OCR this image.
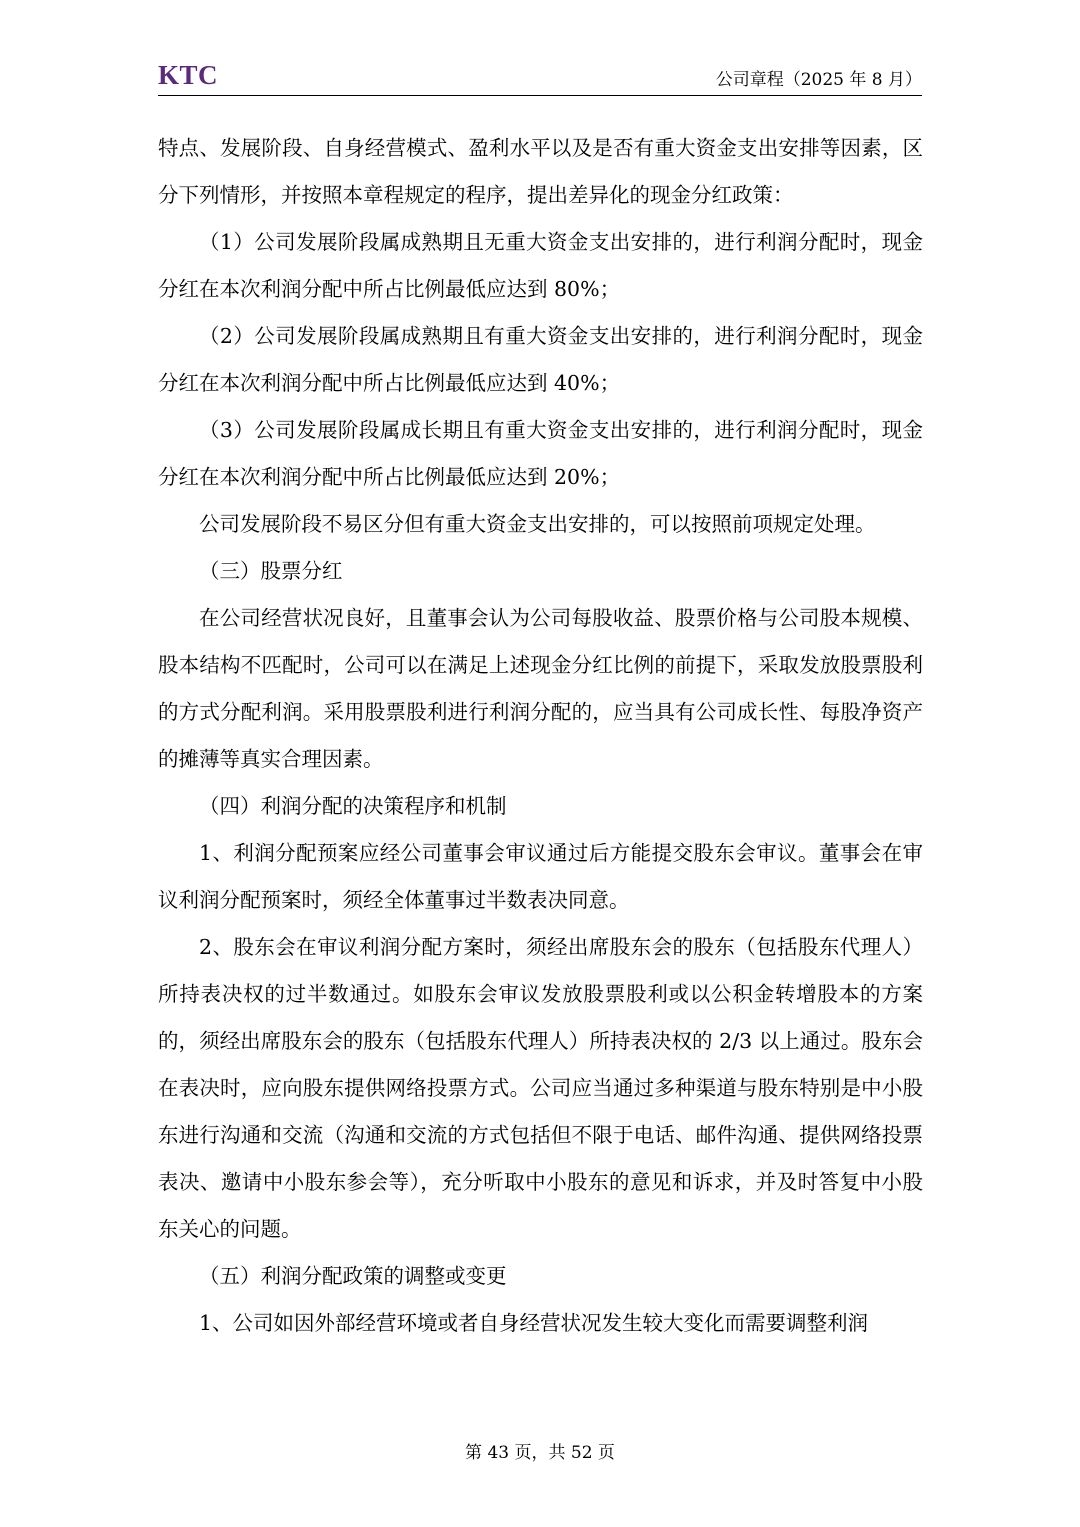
KTC	公司章程（2025 年 8 月）

特点、发展阶段、自身经营模式、盈利水平以及是否有重大资金支出安排等因素，区分下列情形，并按照本章程规定的程序，提出差异化的现金分红政策：

（1）公司发展阶段属成熟期且无重大资金支出安排的，进行利润分配时，现金分红在本次利润分配中所占比例最低应达到 80%；

（2）公司发展阶段属成熟期且有重大资金支出安排的，进行利润分配时，现金分红在本次利润分配中所占比例最低应达到 40%；

（3）公司发展阶段属成长期且有重大资金支出安排的，进行利润分配时，现金分红在本次利润分配中所占比例最低应达到 20%；

公司发展阶段不易区分但有重大资金支出安排的，可以按照前项规定处理。

（三）股票分红

在公司经营状况良好，且董事会认为公司每股收益、股票价格与公司股本规模、股本结构不匹配时，公司可以在满足上述现金分红比例的前提下，采取发放股票股利的方式分配利润。采用股票股利进行利润分配的，应当具有公司成长性、每股净资产的摊薄等真实合理因素。

（四）利润分配的决策程序和机制

1、利润分配预案应经公司董事会审议通过后方能提交股东会审议。董事会在审议利润分配预案时，须经全体董事过半数表决同意。

2、股东会在审议利润分配方案时，须经出席股东会的股东（包括股东代理人）所持表决权的过半数通过。如股东会审议发放股票股利或以公积金转增股本的方案的，须经出席股东会的股东（包括股东代理人）所持表决权的 2/3 以上通过。股东会在表决时，应向股东提供网络投票方式。公司应当通过多种渠道与股东特别是中小股东进行沟通和交流（沟通和交流的方式包括但不限于电话、邮件沟通、提供网络投票表决、邀请中小股东参会等），充分听取中小股东的意见和诉求，并及时答复中小股东关心的问题。

（五）利润分配政策的调整或变更

1、公司如因外部经营环境或者自身经营状况发生较大变化而需要调整利润

第 43 页，共 52 页
